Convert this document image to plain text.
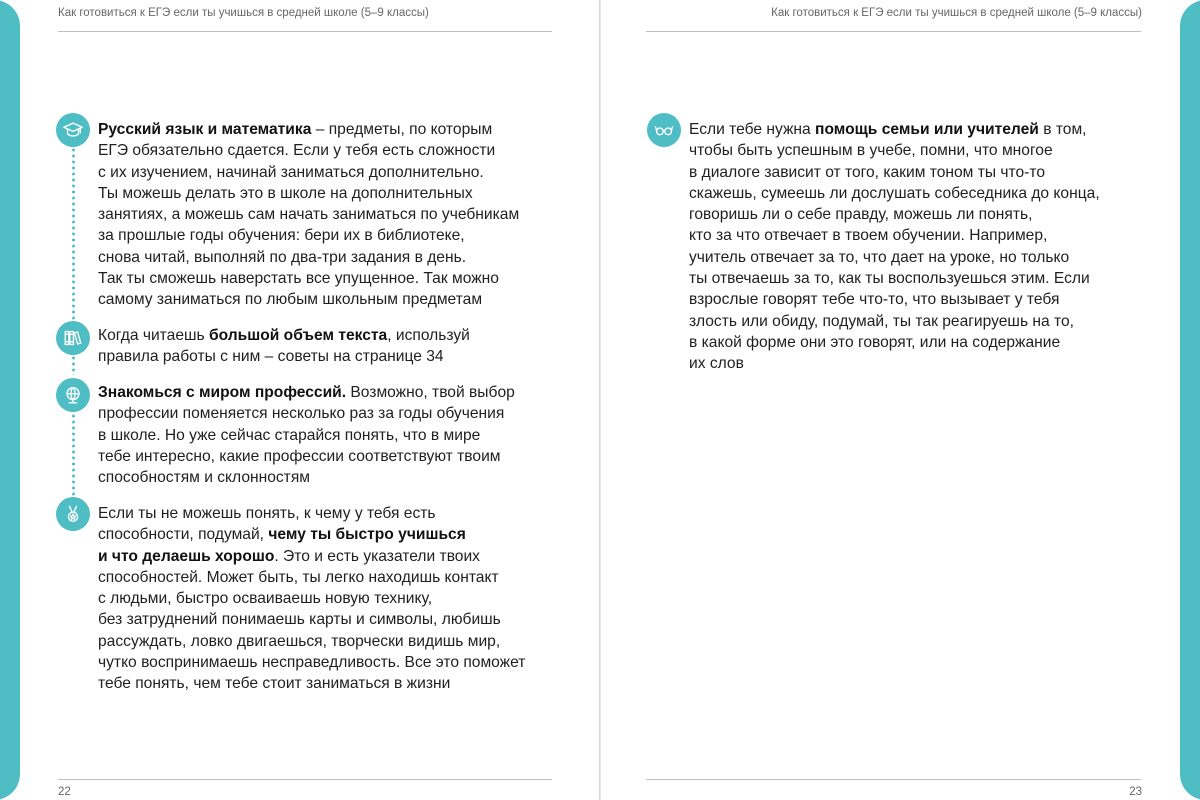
Как готовиться к ЕГЭ если ты учишься в средней школе (5–9 классы)	Как готовиться к ЕГЭ если ты учишься в средней школе (5–9 классы)
22	23

Русский язык и математика – предметы, по которым
ЕГЭ обязательно сдается. Если у тебя есть сложности
с их изучением, начинай заниматься дополнительно.
Ты можешь делать это в школе на дополнительных
занятиях, а можешь сам начать заниматься по учебникам
за прошлые годы обучения: бери их в библиотеке,
снова читай, выполняй по два-три задания в день.
Так ты сможешь наверстать все упущенное. Так можно
самому заниматься по любым школьным предметам

Когда читаешь большой объем текста, используй
правила работы с ним – советы на странице 34

Знакомься с миром профессий. Возможно, твой выбор
профессии поменяется несколько раз за годы обучения
в школе. Но уже сейчас старайся понять, что в мире
тебе интересно, какие профессии соответствуют твоим
способностям и склонностям

Если ты не можешь понять, к чему у тебя есть
способности, подумай, чему ты быстро учишься
и что делаешь хорошо. Это и есть указатели твоих
способностей. Может быть, ты легко находишь контакт
с людьми, быстро осваиваешь новую технику,
без затруднений понимаешь карты и символы, любишь
рассуждать, ловко двигаешься, творчески видишь мир,
чутко воспринимаешь несправедливость. Все это поможет
тебе понять, чем тебе стоит заниматься в жизни

Если тебе нужна помощь семьи или учителей в том,
чтобы быть успешным в учебе, помни, что многое
в диалоге зависит от того, каким тоном ты что-то
скажешь, сумеешь ли дослушать собеседника до конца,
говоришь ли о себе правду, можешь ли понять,
кто за что отвечает в твоем обучении. Например,
учитель отвечает за то, что дает на уроке, но только
ты отвечаешь за то, как ты воспользуешься этим. Если
взрослые говорят тебе что-то, что вызывает у тебя
злость или обиду, подумай, ты так реагируешь на то,
в какой форме они это говорят, или на содержание
их слов
